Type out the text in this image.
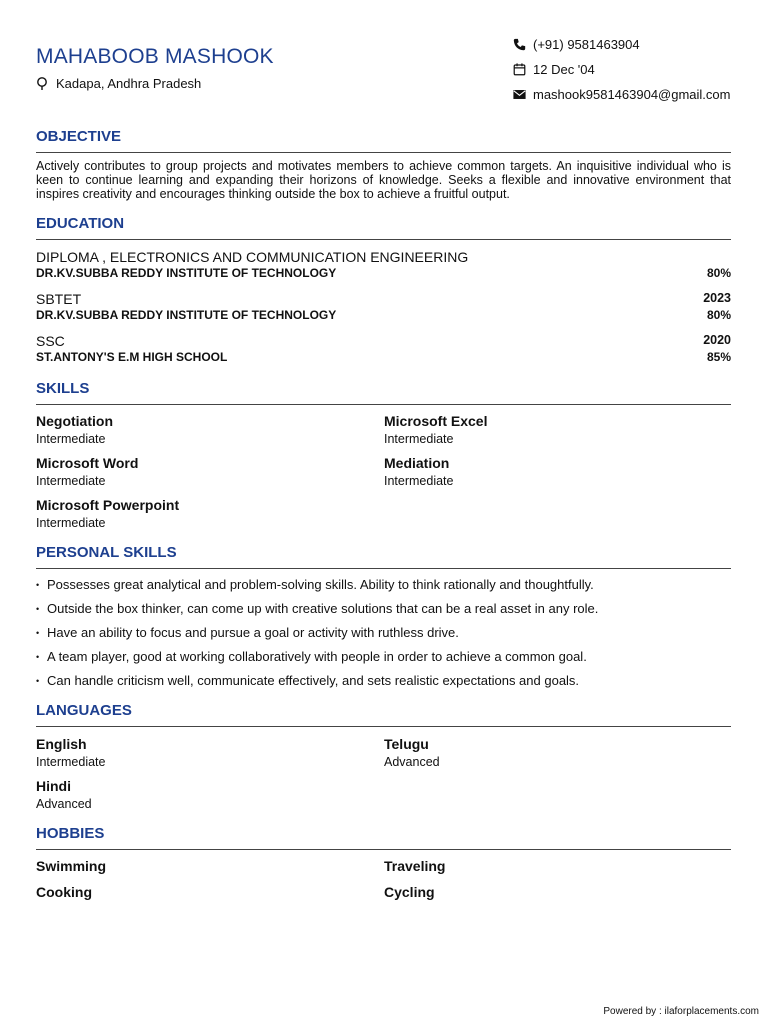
MAHABOOB MASHOOK
Kadapa, Andhra Pradesh
(+91) 9581463904
12 Dec '04
mashook9581463904@gmail.com
OBJECTIVE
Actively contributes to group projects and motivates members to achieve common targets. An inquisitive individual who is keen to continue learning and expanding their horizons of knowledge. Seeks a flexible and innovative environment that inspires creativity and encourages thinking outside the box to achieve a fruitful output.
EDUCATION
DIPLOMA , ELECTRONICS AND COMMUNICATION ENGINEERING
DR.KV.SUBBA REDDY INSTITUTE OF TECHNOLOGY	80%
SBTET	2023
DR.KV.SUBBA REDDY INSTITUTE OF TECHNOLOGY	80%
SSC	2020
ST.ANTONY'S E.M HIGH SCHOOL	85%
SKILLS
Negotiation
Intermediate
Microsoft Excel
Intermediate
Microsoft Word
Intermediate
Mediation
Intermediate
Microsoft Powerpoint
Intermediate
PERSONAL SKILLS
• Possesses great analytical and problem-solving skills. Ability to think rationally and thoughtfully.
• Outside the box thinker, can come up with creative solutions that can be a real asset in any role.
• Have an ability to focus and pursue a goal or activity with ruthless drive.
• A team player, good at working collaboratively with people in order to achieve a common goal.
• Can handle criticism well, communicate effectively, and sets realistic expectations and goals.
LANGUAGES
English
Intermediate
Telugu
Advanced
Hindi
Advanced
HOBBIES
Swimming	Traveling
Cooking	Cycling
Powered by : ilaforplacements.com
